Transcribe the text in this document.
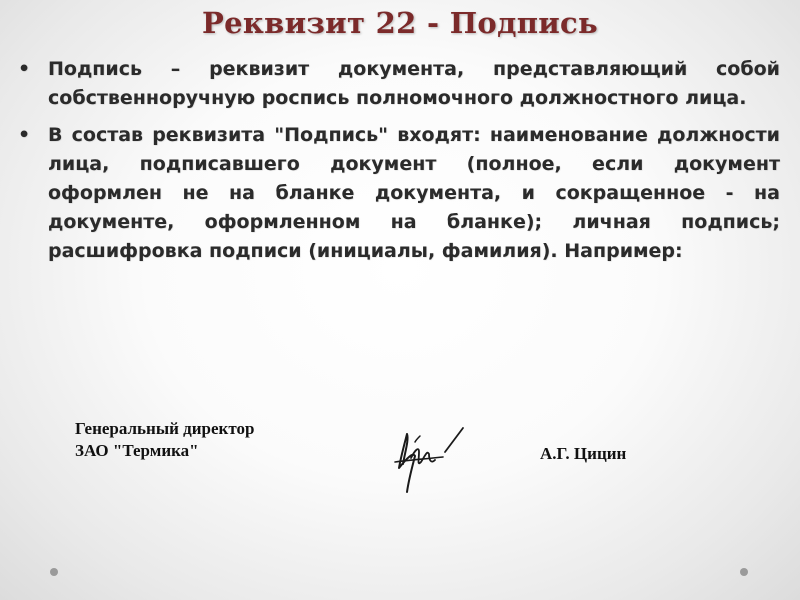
Реквизит 22 - Подпись
• Подпись – реквизит документа, представляющий собой собственноручную роспись полномочного должностного лица.
• В состав реквизита "Подпись" входят: наименование должности лица, подписавшего документ (полное, если документ оформлен не на бланке документа, и сокращенное - на документе, оформленном на бланке); личная подпись; расшифровка подписи (инициалы, фамилия). Например:
Генеральный директор
ЗАО "Термика"	А.Г. Цицин
